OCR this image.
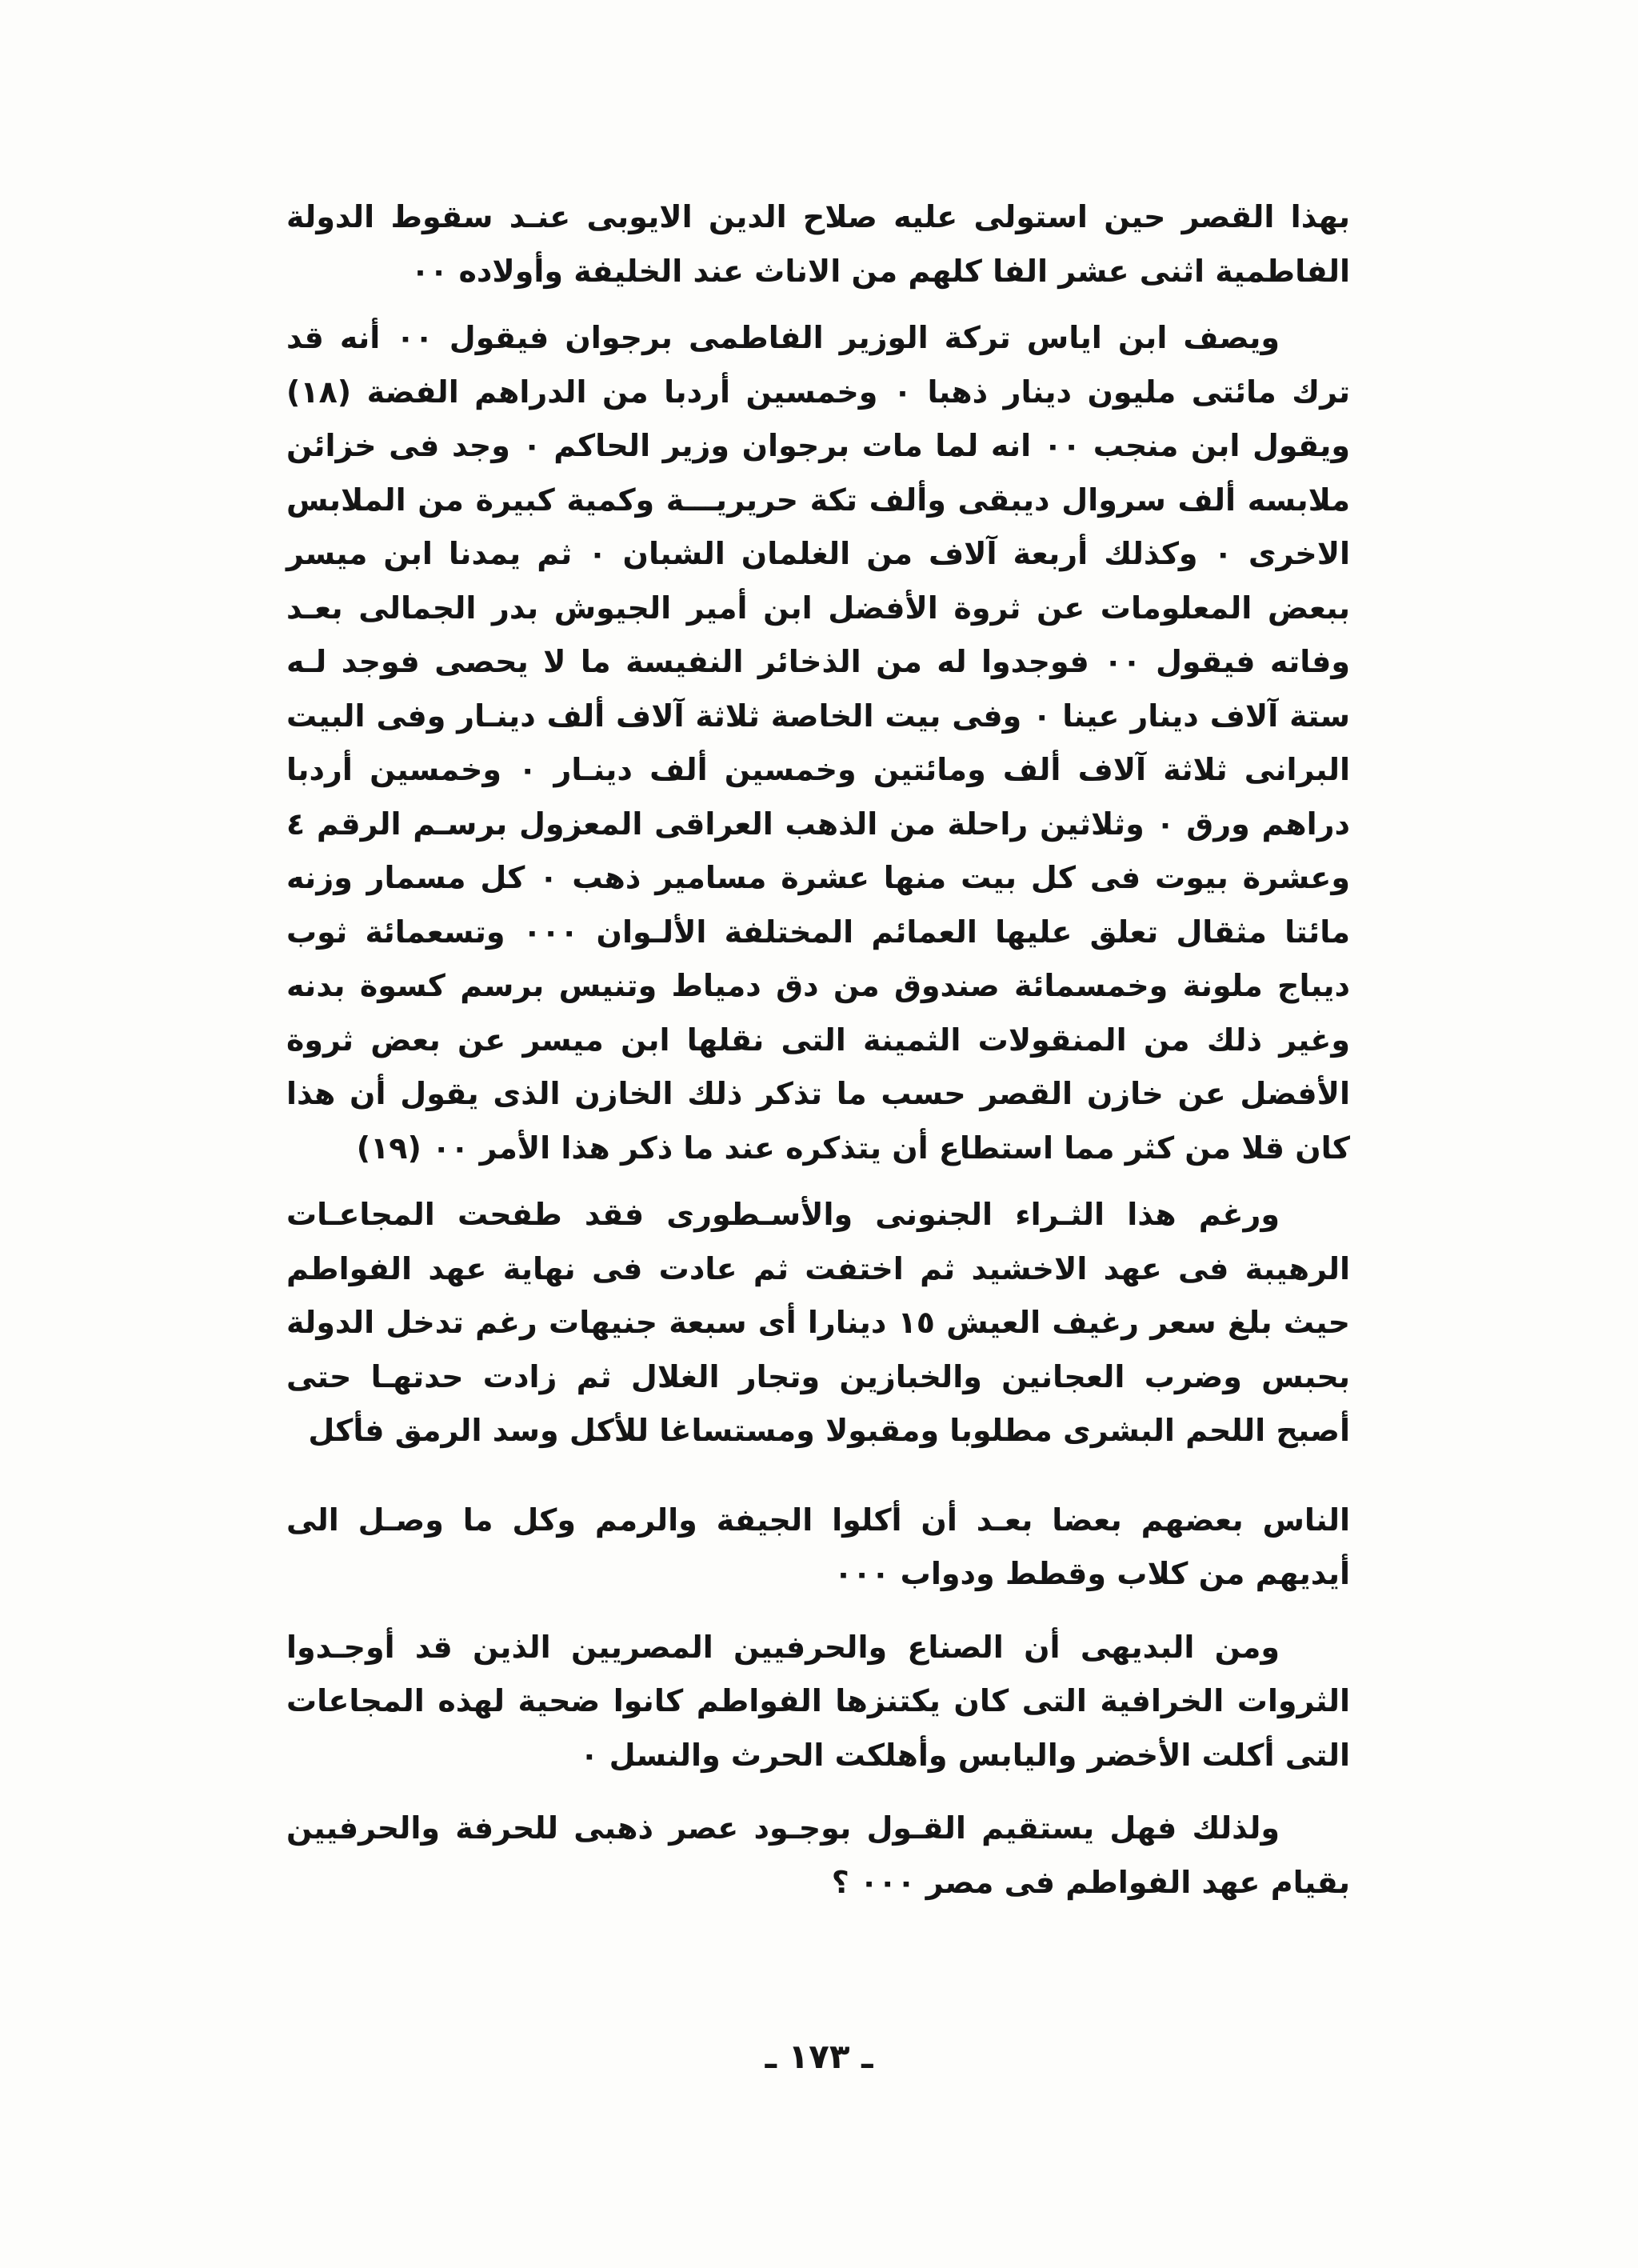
بهذا القصر حين استولى عليه صلاح الدين الايوبى عنـد سقوط الدولة الفاطمية اثنى عشر الفا كلهم من الاناث عند الخليفة وأولاده ٠٠

ويصف ابن اياس تركة الوزير الفاطمى برجوان فيقول ٠٠ أنه قد ترك مائتى مليون دينار ذهبا ٠ وخمسين أردبا من الدراهم الفضة (١٨) ويقول ابن منجب ٠٠ انه لما مات برجوان وزير الحاكم ٠ وجد فى خزائن ملابسه ألف سروال ديبقى وألف تكة حريريـــة وكمية كبيرة من الملابس الاخرى ٠ وكذلك أربعة آلاف من الغلمان الشبان ٠ ثم يمدنا ابن ميسر ببعض المعلومات عن ثروة الأفضل ابن أمير الجيوش بدر الجمالى بعـد وفاته فيقول ٠٠ فوجدوا له من الذخائر النفيسة ما لا يحصى فوجد لـه ستة آلاف دينار عينا ٠ وفى بيت الخاصة ثلاثة آلاف ألف دينـار وفى البيت البرانى ثلاثة آلاف ألف ومائتين وخمسين ألف دينـار ٠ وخمسين أردبا دراهم ورق ٠ وثلاثين راحلة من الذهب العراقى المعزول برسـم الرقم ٤ وعشرة بيوت فى كل بيت منها عشرة مسامير ذهب ٠ كل مسمار وزنه مائتا مثقال تعلق عليها العمائم المختلفة الألـوان ٠٠٠ وتسعمائة ثوب ديباج ملونة وخمسمائة صندوق من دق دمياط وتنيس برسم كسوة بدنه وغير ذلك من المنقولات الثمينة التى نقلها ابن ميسر عن بعض ثروة الأفضل عن خازن القصر حسب ما تذكر ذلك الخازن الذى يقول أن هذا كان قلا من كثر مما استطاع أن يتذكره عند ما ذكر هذا الأمر ٠٠ (١٩)

ورغم هذا الثـراء الجنونى والأسـطورى فقد طفحت المجاعـات الرهيبة فى عهد الاخشيد ثم اختفت ثم عادت فى نهاية عهد الفواطم حيث بلغ سعر رغيف العيش ١٥ دينارا أى سبعة جنيهات رغم تدخل الدولة بحبس وضرب العجانين والخبازين وتجار الغلال ثم زادت حدتهـا حتى أصبح اللحم البشرى مطلوبا ومقبولا ومستساغا للأكل وسد الرمق فأكل

الناس بعضهم بعضا بعـد أن أكلوا الجيفة والرمم وكل ما وصـل الى أيديهم من كلاب وقطط ودواب ٠٠٠

ومن البديهى أن الصناع والحرفيين المصريين الذين قد أوجـدوا الثروات الخرافية التى كان يكتنزها الفواطم كانوا ضحية لهذه المجاعات التى أكلت الأخضر واليابس وأهلكت الحرث والنسل ٠

ولذلك فهل يستقيم القـول بوجـود عصر ذهبى للحرفة والحرفيين بقيام عهد الفواطم فى مصر ٠٠٠ ؟

ـ ١٧٣ ـ
